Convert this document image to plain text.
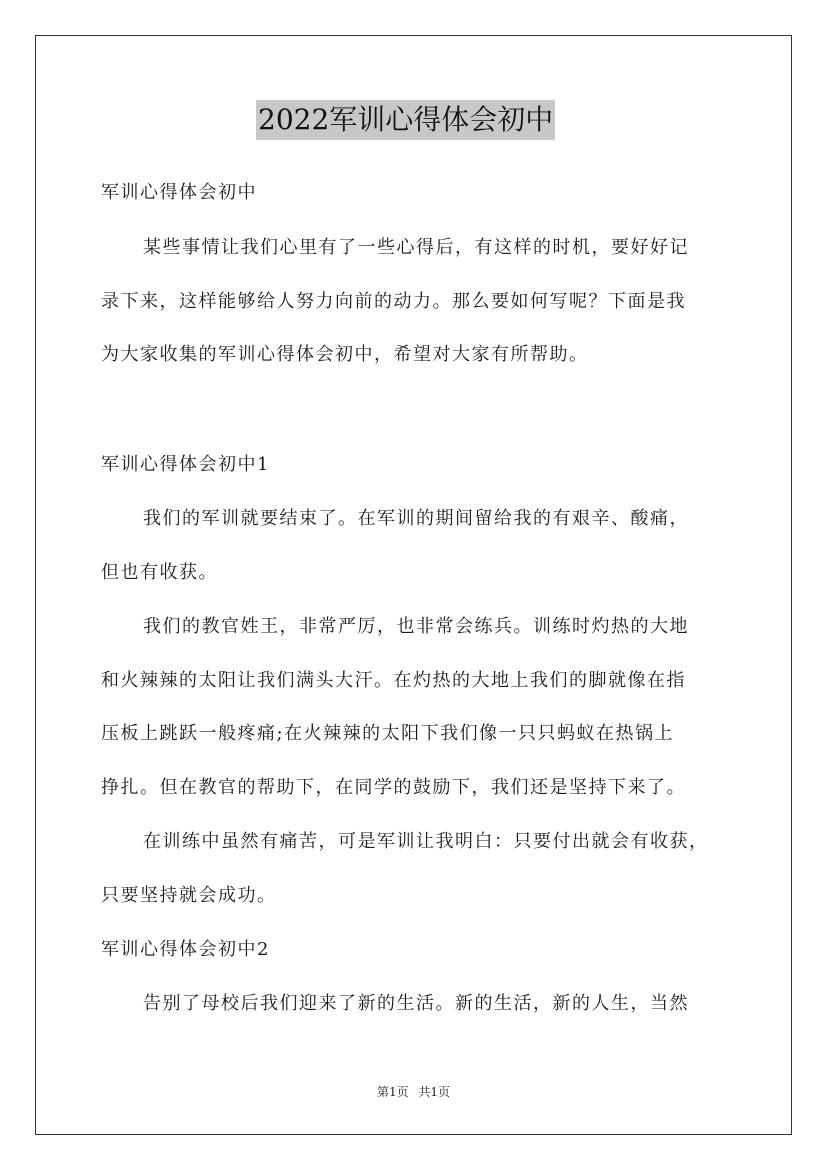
2022军训心得体会初中
军训心得体会初中
某些事情让我们心里有了一些心得后，有这样的时机，要好好记
录下来，这样能够给人努力向前的动力。那么要如何写呢？下面是我
为大家收集的军训心得体会初中，希望对大家有所帮助。
军训心得体会初中1
我们的军训就要结束了。在军训的期间留给我的有艰辛、酸痛，
但也有收获。
我们的教官姓王，非常严厉，也非常会练兵。训练时灼热的大地
和火辣辣的太阳让我们满头大汗。在灼热的大地上我们的脚就像在指
压板上跳跃一般疼痛;在火辣辣的太阳下我们像一只只蚂蚁在热锅上
挣扎。但在教官的帮助下，在同学的鼓励下，我们还是坚持下来了。
在训练中虽然有痛苦，可是军训让我明白：只要付出就会有收获，
只要坚持就会成功。
军训心得体会初中2
告别了母校后我们迎来了新的生活。新的生活，新的人生，当然
第1页 共1页
